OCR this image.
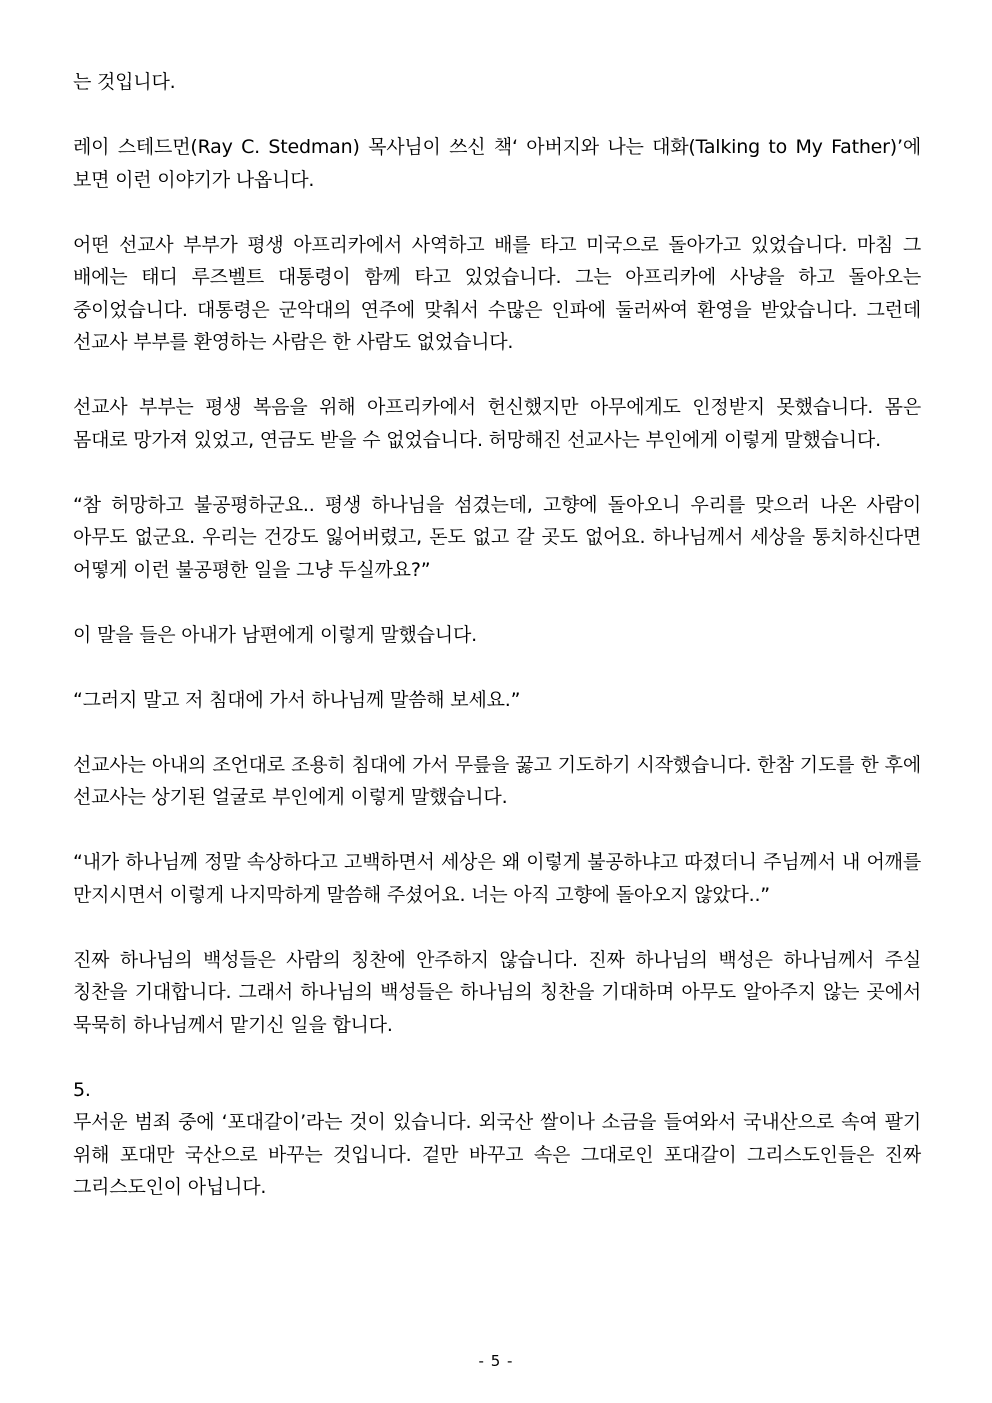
는 것입니다.

레이 스테드먼(Ray C. Stedman) 목사님이 쓰신 책‘ 아버지와 나는 대화(Talking to My Father)’에 보면 이런 이야기가 나옵니다.

어떤 선교사 부부가 평생 아프리카에서 사역하고 배를 타고 미국으로 돌아가고 있었습니다. 마침 그 배에는 태디 루즈벨트 대통령이 함께 타고 있었습니다. 그는 아프리카에 사냥을 하고 돌아오는 중이었습니다. 대통령은 군악대의 연주에 맞춰서 수많은 인파에 둘러싸여 환영을 받았습니다. 그런데 선교사 부부를 환영하는 사람은 한 사람도 없었습니다.

선교사 부부는 평생 복음을 위해 아프리카에서 헌신했지만 아무에게도 인정받지 못했습니다. 몸은 몸대로 망가져 있었고, 연금도 받을 수 없었습니다. 허망해진 선교사는 부인에게 이렇게 말했습니다.

“참 허망하고 불공평하군요.. 평생 하나님을 섬겼는데, 고향에 돌아오니 우리를 맞으러 나온 사람이 아무도 없군요. 우리는 건강도 잃어버렸고, 돈도 없고 갈 곳도 없어요. 하나님께서 세상을 통치하신다면 어떻게 이런 불공평한 일을 그냥 두실까요?”

이 말을 들은 아내가 남편에게 이렇게 말했습니다.

“그러지 말고 저 침대에 가서 하나님께 말씀해 보세요.”

선교사는 아내의 조언대로 조용히 침대에 가서 무릎을 꿇고 기도하기 시작했습니다. 한참 기도를 한 후에 선교사는 상기된 얼굴로 부인에게 이렇게 말했습니다.

“내가 하나님께 정말 속상하다고 고백하면서 세상은 왜 이렇게 불공하냐고 따졌더니 주님께서 내 어깨를 만지시면서 이렇게 나지막하게 말씀해 주셨어요. 너는 아직 고향에 돌아오지 않았다..”

진짜 하나님의 백성들은 사람의 칭찬에 안주하지 않습니다. 진짜 하나님의 백성은 하나님께서 주실 칭찬을 기대합니다. 그래서 하나님의 백성들은 하나님의 칭찬을 기대하며 아무도 알아주지 않는 곳에서 묵묵히 하나님께서 맡기신 일을 합니다.

5.

무서운 범죄 중에 ‘포대갈이’라는 것이 있습니다. 외국산 쌀이나 소금을 들여와서 국내산으로 속여 팔기 위해 포대만 국산으로 바꾸는 것입니다. 겉만 바꾸고 속은 그대로인 포대갈이 그리스도인들은 진짜 그리스도인이 아닙니다.

- 5 -
